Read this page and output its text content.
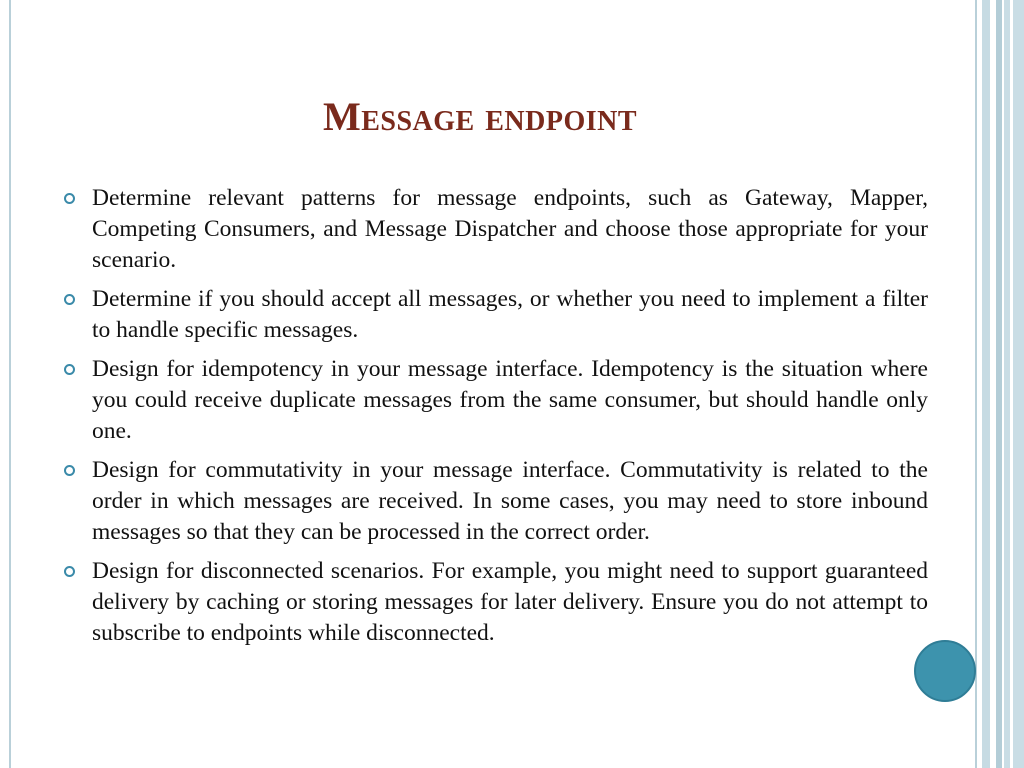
Message endpoint
Determine relevant patterns for message endpoints, such as Gateway, Mapper, Competing Consumers, and Message Dispatcher and choose those appropriate for your scenario.
Determine if you should accept all messages, or whether you need to implement a filter to handle specific messages.
Design for idempotency in your message interface. Idempotency is the situation where you could receive duplicate messages from the same consumer, but should handle only one.
Design for commutativity in your message interface. Commutativity is related to the order in which messages are received. In some cases, you may need to store inbound messages so that they can be processed in the correct order.
Design for disconnected scenarios. For example, you might need to support guaranteed delivery by caching or storing messages for later delivery. Ensure you do not attempt to subscribe to endpoints while disconnected.
